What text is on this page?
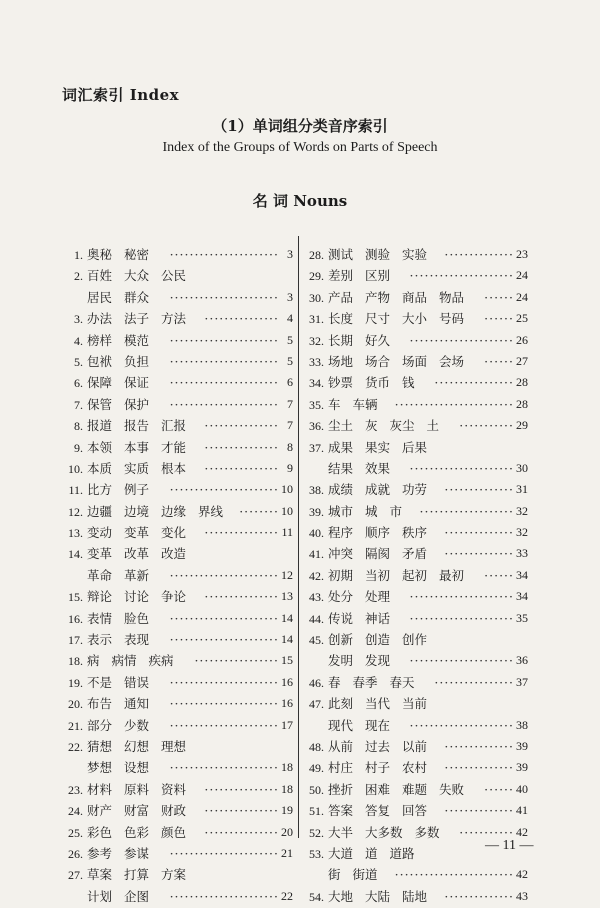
词汇索引 Index
（1）单词组分类音序索引
Index of the Groups of Words on Parts of Speech
名 词 Nouns
1. 奥秘 秘密	3
······················
2. 百姓 大众 公民
居民 群众	3
······················
3. 办法 法子 方法	4
···············
4. 榜样 模范	5
······················
5. 包袱 负担	5
······················
6. 保障 保证	6
······················
7. 保管 保护	7
······················
8. 报道 报告 汇报	7
···············
9. 本领 本事 才能	8
···············
10. 本质 实质 根本	9
···············
11. 比方 例子	10
······················
12. 边疆 边境 边缘 界线	10
········
13. 变动 变革 变化	11
···············
14. 变革 改革 改造
革命 革新	12
······················
15. 辩论 讨论 争论	13
···············
16. 表情 脸色	14
······················
17. 表示 表现	14
······················
18. 病 病情 疾病	15
·················
19. 不是 错误	16
······················
20. 布告 通知	16
······················
21. 部分 少数	17
······················
22. 猜想 幻想 理想
梦想 设想	18
······················
23. 材料 原料 资料	18
···············
24. 财产 财富 财政	19
···············
25. 彩色 色彩 颜色	20
···············
26. 参考 参谋	21
······················
27. 草案 打算 方案
计划 企图	22
······················
28. 测试 测验 实验	23
··············
29. 差别 区别	24
·····················
30. 产品 产物 商品 物品	24
······
31. 长度 尺寸 大小 号码	25
······
32. 长期 好久	26
·····················
33. 场地 场合 场面 会场	27
······
34. 钞票 货币 钱	28
················
35. 车 车辆	28
························
36. 尘土 灰 灰尘 土	29
···········
37. 成果 果实 后果
结果 效果	30
·····················
38. 成绩 成就 功劳	31
··············
39. 城市 城 市	32
···················
40. 程序 顺序 秩序	32
··············
41. 冲突 隔阂 矛盾	33
··············
42. 初期 当初 起初 最初	34
······
43. 处分 处理	34
·····················
44. 传说 神话	35
·····················
45. 创新 创造 创作
发明 发现	36
·····················
46. 春 春季 春天	37
················
47. 此刻 当代 当前
现代 现在	38
·····················
48. 从前 过去 以前	39
··············
49. 村庄 村子 农村	39
··············
50. 挫折 困难 难题 失败	40
······
51. 答案 答复 回答	41
··············
52. 大半 大多数 多数	42
···········
53. 大道 道 道路
街 街道	42
························
54. 大地 大陆 陆地	43
··············
— 11 —
